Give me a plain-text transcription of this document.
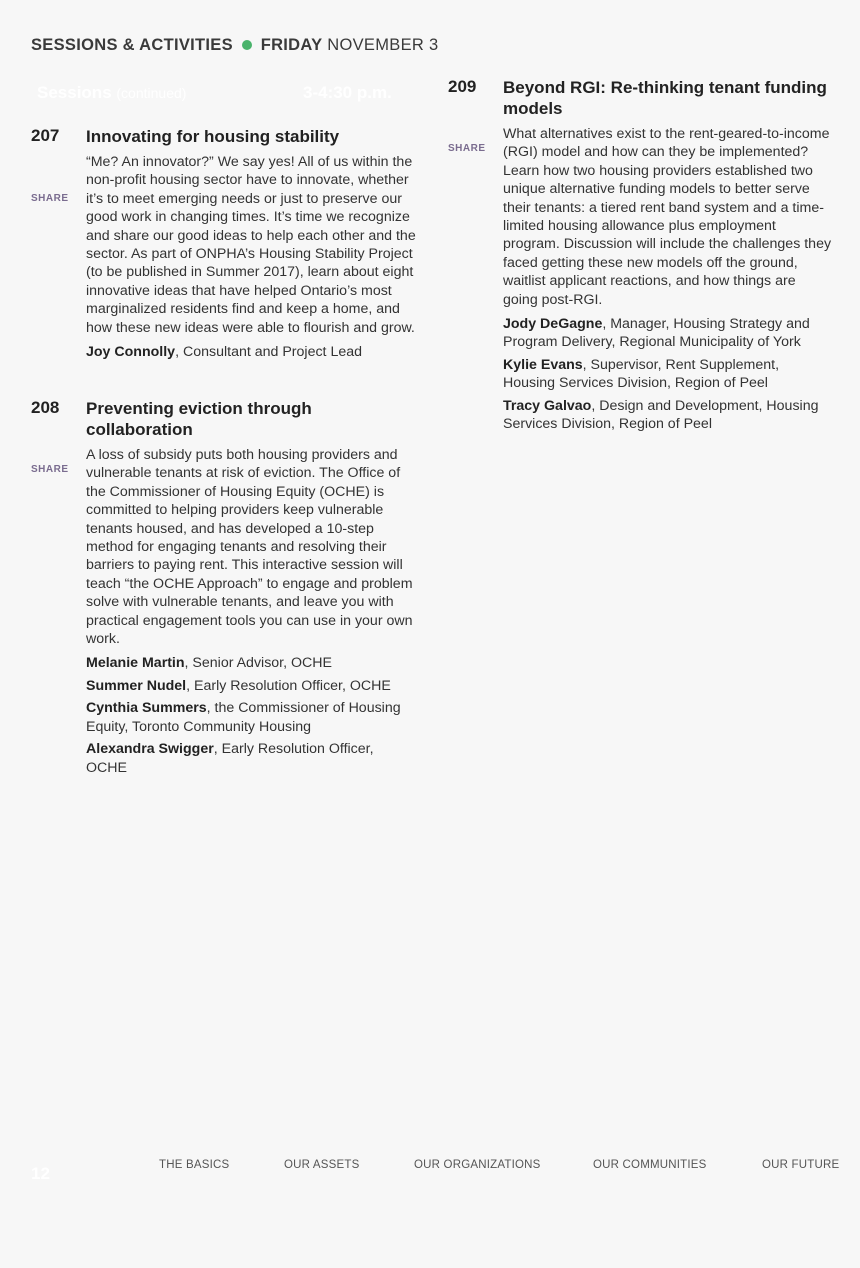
SESSIONS & ACTIVITIES FRIDAY NOVEMBER 3
Sessions (continued)	3-4:30 p.m.
207 Innovating for housing stability

“Me? An innovator?” We say yes! All of us within the non-profit housing sector have to innovate, whether it’s to meet emerging needs or just to preserve our good work in changing times. It’s time we recognize and share our good ideas to help each other and the sector. As part of ONPHA’s Housing Stability Project (to be published in Summer 2017), learn about eight innovative ideas that have helped Ontario’s most marginalized residents find and keep a home, and how these new ideas were able to flourish and grow.

Joy Connolly, Consultant and Project Lead

SHARE
208 Preventing eviction through collaboration

A loss of subsidy puts both housing providers and vulnerable tenants at risk of eviction. The Office of the Commissioner of Housing Equity (OCHE) is committed to helping providers keep vulnerable tenants housed, and has developed a 10-step method for engaging tenants and resolving their barriers to paying rent. This interactive session will teach “the OCHE Approach” to engage and problem solve with vulnerable tenants, and leave you with practical engagement tools you can use in your own work.

Melanie Martin, Senior Advisor, OCHE

Summer Nudel, Early Resolution Officer, OCHE

Cynthia Summers, the Commissioner of Housing Equity, Toronto Community Housing

Alexandra Swigger, Early Resolution Officer, OCHE

SHARE
209 Beyond RGI: Re-thinking tenant funding models

What alternatives exist to the rent-geared-to-income (RGI) model and how can they be implemented? Learn how two housing providers established two unique alternative funding models to better serve their tenants: a tiered rent band system and a time-limited housing allowance plus employment program. Discussion will include the challenges they faced getting these new models off the ground, waitlist applicant reactions, and how things are going post-RGI.

Jody DeGagne, Manager, Housing Strategy and Program Delivery, Regional Municipality of York

Kylie Evans, Supervisor, Rent Supplement, Housing Services Division, Region of Peel

Tracy Galvao, Design and Development, Housing Services Division, Region of Peel

SHARE
12	THE BASICS	OUR ASSETS	OUR ORGANIZATIONS	OUR COMMUNITIES	OUR FUTURE
